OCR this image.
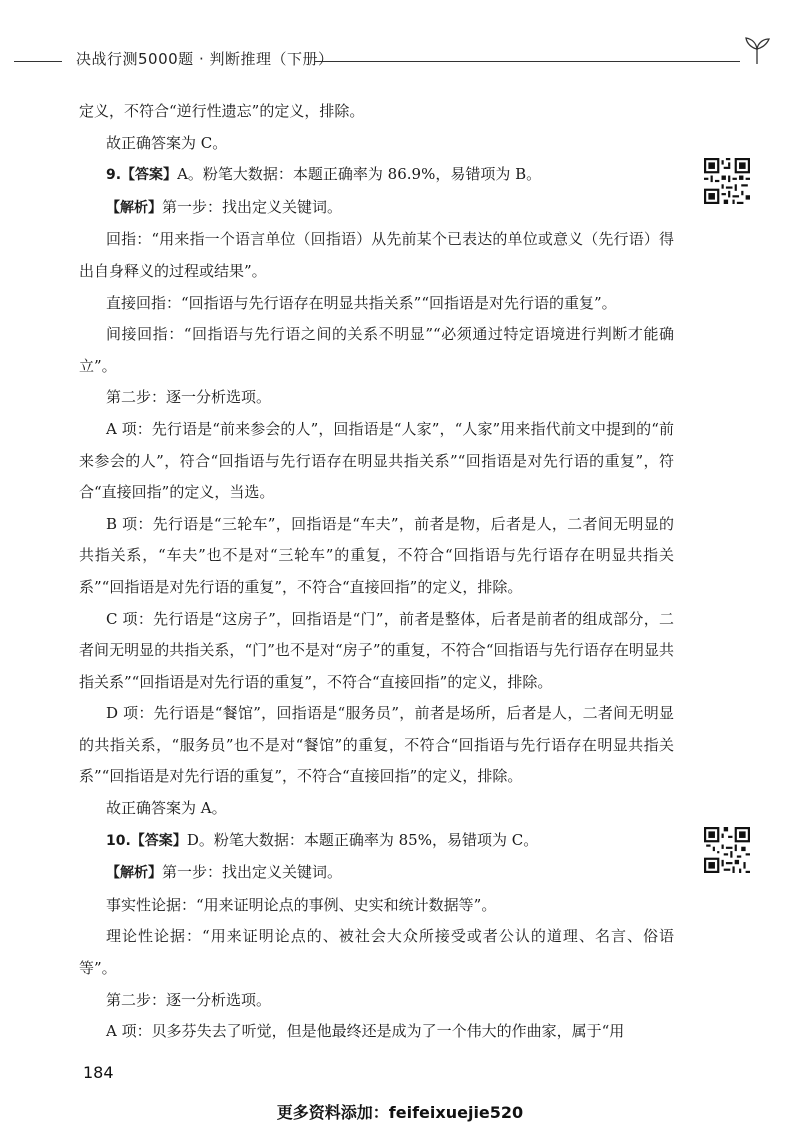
决战行测5000题 · 判断推理（下册）

定义，不符合“逆行性遗忘”的定义，排除。

故正确答案为 C。

9.【答案】A。粉笔大数据：本题正确率为 86.9%，易错项为 B。

【解析】第一步：找出定义关键词。

回指：“用来指一个语言单位（回指语）从先前某个已表达的单位或意义（先行语）得出自身释义的过程或结果”。

直接回指：“回指语与先行语存在明显共指关系”“回指语是对先行语的重复”。

间接回指：“回指语与先行语之间的关系不明显”“必须通过特定语境进行判断才能确立”。

第二步：逐一分析选项。

A 项：先行语是“前来参会的人”，回指语是“人家”，“人家”用来指代前文中提到的“前来参会的人”，符合“回指语与先行语存在明显共指关系”“回指语是对先行语的重复”，符合“直接回指”的定义，当选。

B 项：先行语是“三轮车”，回指语是“车夫”，前者是物，后者是人，二者间无明显的共指关系，“车夫”也不是对“三轮车”的重复，不符合“回指语与先行语存在明显共指关系”“回指语是对先行语的重复”，不符合“直接回指”的定义，排除。

C 项：先行语是“这房子”，回指语是“门”，前者是整体，后者是前者的组成部分，二者间无明显的共指关系，“门”也不是对“房子”的重复，不符合“回指语与先行语存在明显共指关系”“回指语是对先行语的重复”，不符合“直接回指”的定义，排除。

D 项：先行语是“餐馆”，回指语是“服务员”，前者是场所，后者是人，二者间无明显的共指关系，“服务员”也不是对“餐馆”的重复，不符合“回指语与先行语存在明显共指关系”“回指语是对先行语的重复”，不符合“直接回指”的定义，排除。

故正确答案为 A。

10.【答案】D。粉笔大数据：本题正确率为 85%，易错项为 C。

【解析】第一步：找出定义关键词。

事实性论据：“用来证明论点的事例、史实和统计数据等”。

理论性论据：“用来证明论点的、被社会大众所接受或者公认的道理、名言、俗语等”。

第二步：逐一分析选项。

A 项：贝多芬失去了听觉，但是他最终还是成为了一个伟大的作曲家，属于“用

184
更多资料添加：feifeixuejie520
